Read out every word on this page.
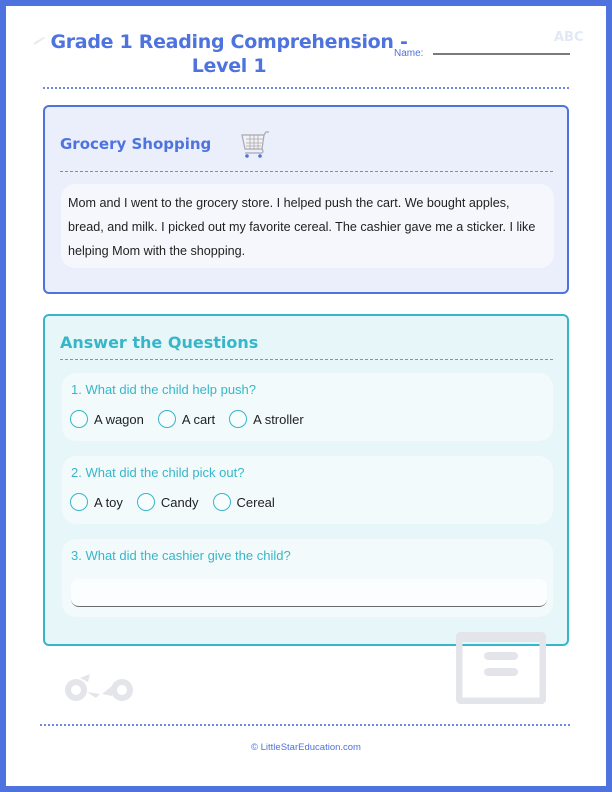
Grade 1 Reading Comprehension -
Level 1
Name:
ABC
Grocery Shopping
Mom and I went to the grocery store. I helped push the cart. We bought apples, bread, and milk. I picked out my favorite cereal. The cashier gave me a sticker. I like helping Mom with the shopping.
Answer the Questions
1. What did the child help push?
A wagon	A cart	A stroller
2. What did the child pick out?
A toy	Candy	Cereal
3. What did the cashier give the child?
© LittleStarEducation.com
